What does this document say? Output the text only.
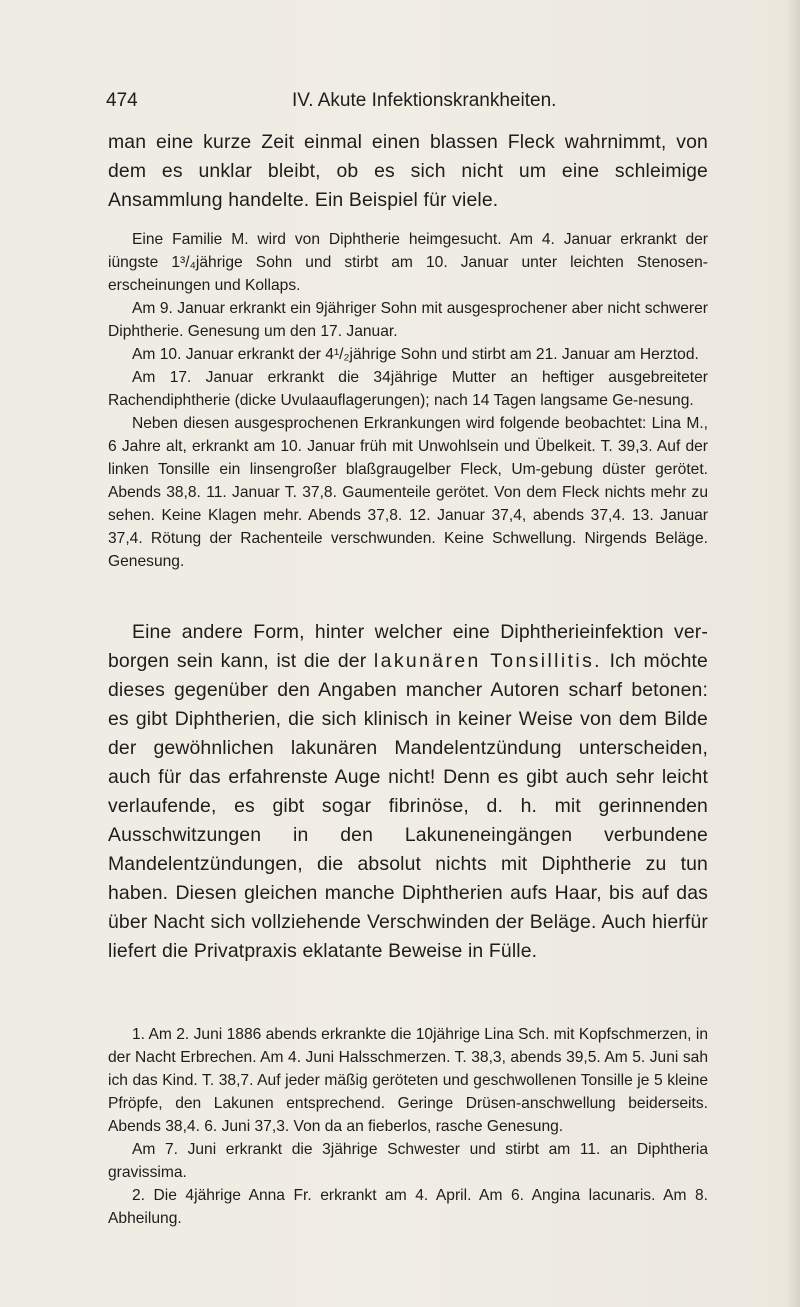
474	IV. Akute Infektionskrankheiten.

man eine kurze Zeit einmal einen blassen Fleck wahrnimmt, von dem es unklar bleibt, ob es sich nicht um eine schleimige Ansammlung handelte. Ein Beispiel für viele.

Eine Familie M. wird von Diphtherie heimgesucht. Am 4. Januar erkrankt der iüngste 1³/₄jährige Sohn und stirbt am 10. Januar unter leichten Stenosen-erscheinungen und Kollaps.

Am 9. Januar erkrankt ein 9jähriger Sohn mit ausgesprochener aber nicht schwerer Diphtherie. Genesung um den 17. Januar.

Am 10. Januar erkrankt der 4¹/₂jährige Sohn und stirbt am 21. Januar am Herztod.

Am 17. Januar erkrankt die 34jährige Mutter an heftiger ausgebreiteter Rachendiphtherie (dicke Uvulaauflagerungen); nach 14 Tagen langsame Ge-nesung.

Neben diesen ausgesprochenen Erkrankungen wird folgende beobachtet: Lina M., 6 Jahre alt, erkrankt am 10. Januar früh mit Unwohlsein und Übelkeit. T. 39,3. Auf der linken Tonsille ein linsengroßer blaßgraugelber Fleck, Um-gebung düster gerötet. Abends 38,8. 11. Januar T. 37,8. Gaumenteile gerötet. Von dem Fleck nichts mehr zu sehen. Keine Klagen mehr. Abends 37,8. 12. Januar 37,4, abends 37,4. 13. Januar 37,4. Rötung der Rachenteile verschwunden. Keine Schwellung. Nirgends Beläge. Genesung.

Eine andere Form, hinter welcher eine Diphtherieinfektion ver-borgen sein kann, ist die der lakunären Tonsillitis. Ich möchte dieses gegenüber den Angaben mancher Autoren scharf betonen: es gibt Diphtherien, die sich klinisch in keiner Weise von dem Bilde der gewöhnlichen lakunären Mandelentzündung unterscheiden, auch für das erfahrenste Auge nicht! Denn es gibt auch sehr leicht verlaufende, es gibt sogar fibrinöse, d. h. mit gerinnenden Ausschwitzungen in den Lakuneneingängen verbundene Mandelentzündungen, die absolut nichts mit Diphtherie zu tun haben. Diesen gleichen manche Diphtherien aufs Haar, bis auf das über Nacht sich vollziehende Verschwinden der Beläge. Auch hierfür liefert die Privatpraxis eklatante Beweise in Fülle.

1. Am 2. Juni 1886 abends erkrankte die 10jährige Lina Sch. mit Kopfschmerzen, in der Nacht Erbrechen. Am 4. Juni Halsschmerzen. T. 38,3, abends 39,5. Am 5. Juni sah ich das Kind. T. 38,7. Auf jeder mäßig geröteten und geschwollenen Tonsille je 5 kleine Pfröpfe, den Lakunen entsprechend. Geringe Drüsen-anschwellung beiderseits. Abends 38,4. 6. Juni 37,3. Von da an fieberlos, rasche Genesung.

Am 7. Juni erkrankt die 3jährige Schwester und stirbt am 11. an Diphtheria gravissima.

2. Die 4jährige Anna Fr. erkrankt am 4. April. Am 6. Angina lacunaris. Am 8. Abheilung.
